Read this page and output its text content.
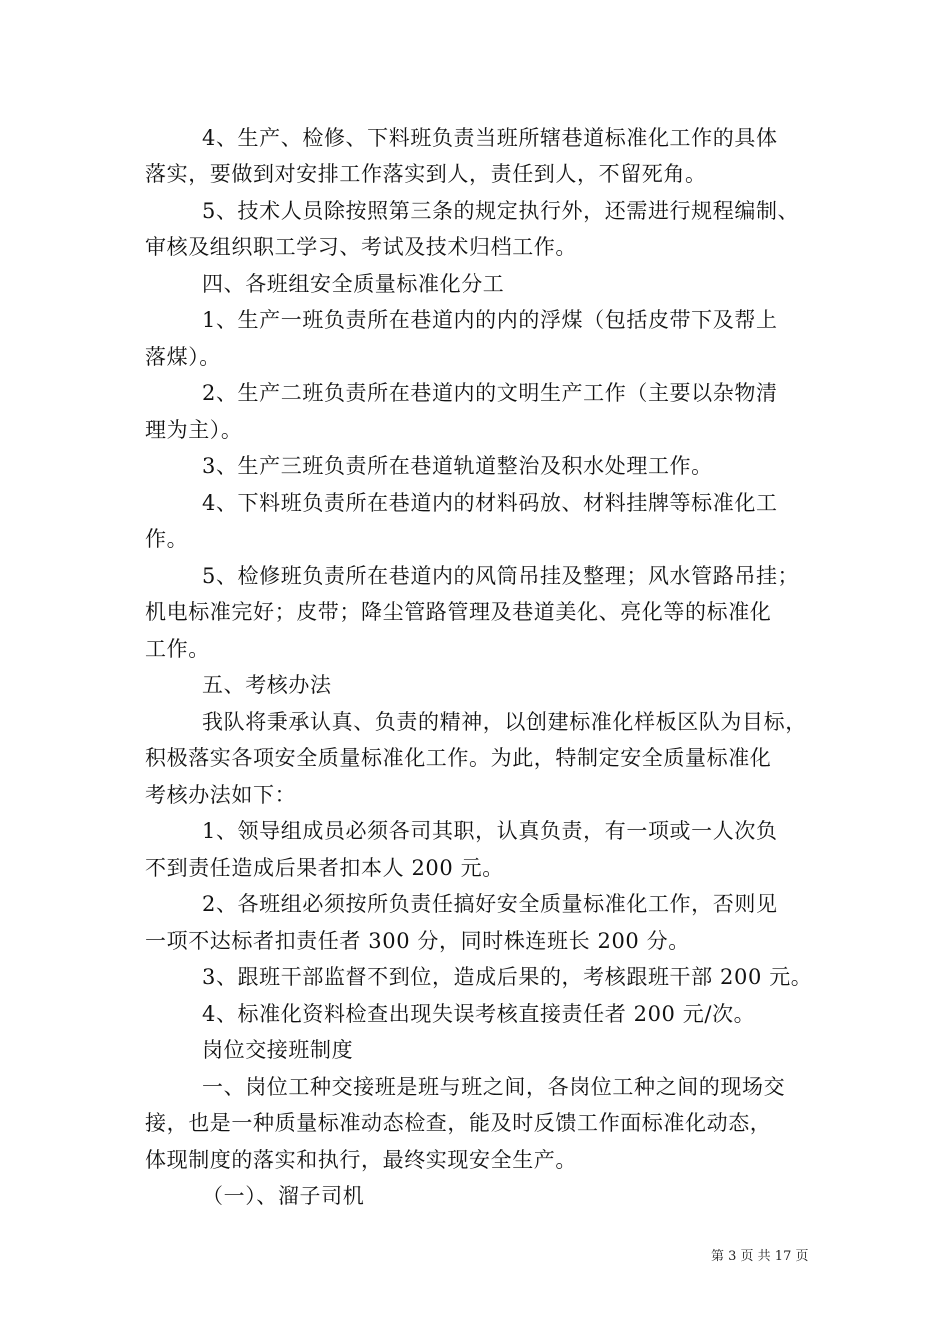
4、生产、检修、下料班负责当班所辖巷道标准化工作的具体
落实，要做到对安排工作落实到人，责任到人，不留死角。
5、技术人员除按照第三条的规定执行外，还需进行规程编制、
审核及组织职工学习、考试及技术归档工作。
四、各班组安全质量标准化分工
1、生产一班负责所在巷道内的内的浮煤（包括皮带下及帮上
落煤）。
2、生产二班负责所在巷道内的文明生产工作（主要以杂物清
理为主）。
3、生产三班负责所在巷道轨道整治及积水处理工作。
4、下料班负责所在巷道内的材料码放、材料挂牌等标准化工
作。
5、检修班负责所在巷道内的风筒吊挂及整理；风水管路吊挂；
机电标准完好；皮带；降尘管路管理及巷道美化、亮化等的标准化
工作。
五、考核办法
我队将秉承认真、负责的精神，以创建标准化样板区队为目标，
积极落实各项安全质量标准化工作。为此，特制定安全质量标准化
考核办法如下：
1、领导组成员必须各司其职，认真负责，有一项或一人次负
不到责任造成后果者扣本人 200 元。
2、各班组必须按所负责任搞好安全质量标准化工作，否则见
一项不达标者扣责任者 300 分，同时株连班长 200 分。
3、跟班干部监督不到位，造成后果的，考核跟班干部 200 元。
4、标准化资料检查出现失误考核直接责任者 200 元/次。
岗位交接班制度
一、岗位工种交接班是班与班之间，各岗位工种之间的现场交
接，也是一种质量标准动态检查，能及时反馈工作面标准化动态，
体现制度的落实和执行，最终实现安全生产。
（一）、溜子司机
第 3 页 共 17 页
